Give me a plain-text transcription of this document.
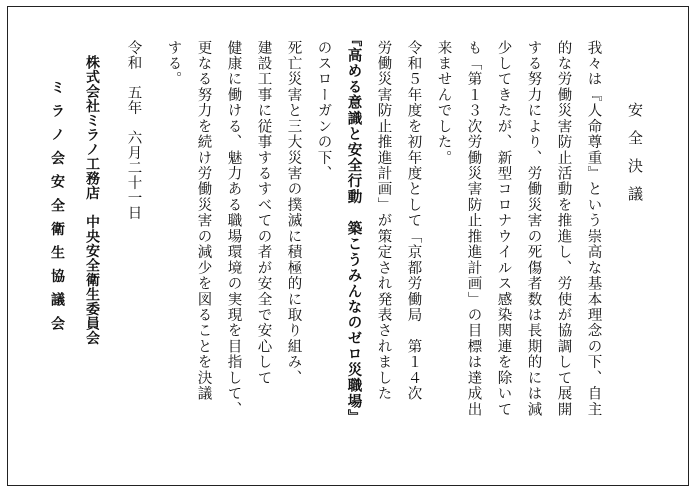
安全決議
我々は『人命尊重』という崇高な基本理念の下、自主
的な労働災害防止活動を推進し、労使が協調して展開
する努力により、労働災害の死傷者数は長期的には減
少してきたが、新型コロナウイルス感染関連を除いて
も「第１３次労働災害防止推進計画」の目標は達成出
来ませんでした。
令和５年度を初年度として「京都労働局　第１４次
労働災害防止推進計画」が策定され発表されました
『高める意識と安全行動　築こうみんなのゼロ災職場』
のスローガンの下、
死亡災害と三大災害の撲滅に積極的に取り組み、
建設工事に従事するすべての者が安全で安心して
健康に働ける、魅力ある職場環境の実現を目指して、
更なる努力を続け労働災害の減少を図ることを決議
する。
令和　五年　六月二十一日
株式会社ミラノ工務店　中央安全衛生委員会
ミラノ会安全衛生協議会
